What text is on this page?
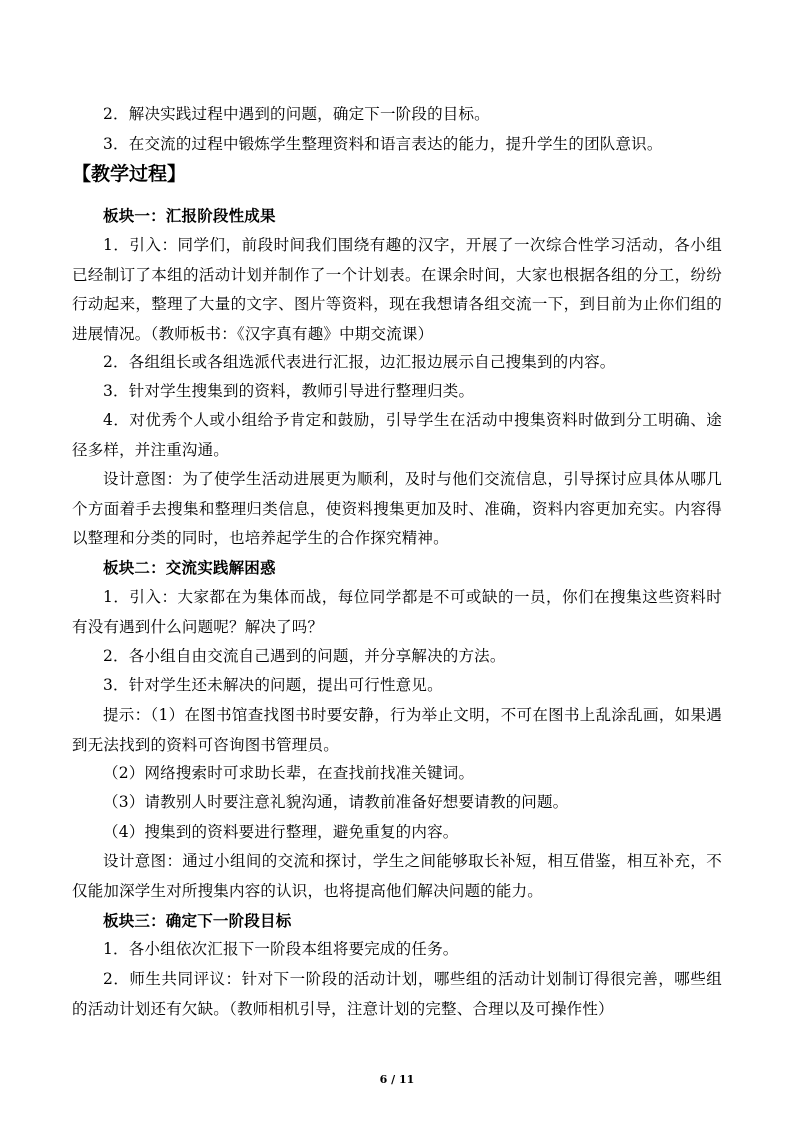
2．解决实践过程中遇到的问题，确定下一阶段的目标。

3．在交流的过程中锻炼学生整理资料和语言表达的能力，提升学生的团队意识。

【教学过程】

板块一：汇报阶段性成果

1．引入：同学们，前段时间我们围绕有趣的汉字，开展了一次综合性学习活动，各小组已经制订了本组的活动计划并制作了一个计划表。在课余时间，大家也根据各组的分工，纷纷行动起来，整理了大量的文字、图片等资料，现在我想请各组交流一下，到目前为止你们组的进展情况。（教师板书：《汉字真有趣》中期交流课）

2．各组组长或各组选派代表进行汇报，边汇报边展示自己搜集到的内容。

3．针对学生搜集到的资料，教师引导进行整理归类。

4．对优秀个人或小组给予肯定和鼓励，引导学生在活动中搜集资料时做到分工明确、途径多样，并注重沟通。

设计意图：为了使学生活动进展更为顺利，及时与他们交流信息，引导探讨应具体从哪几个方面着手去搜集和整理归类信息，使资料搜集更加及时、准确，资料内容更加充实。内容得以整理和分类的同时，也培养起学生的合作探究精神。

板块二：交流实践解困惑

1．引入：大家都在为集体而战，每位同学都是不可或缺的一员，你们在搜集这些资料时有没有遇到什么问题呢？解决了吗？

2．各小组自由交流自己遇到的问题，并分享解决的方法。

3．针对学生还未解决的问题，提出可行性意见。

提示：（1）在图书馆查找图书时要安静，行为举止文明，不可在图书上乱涂乱画，如果遇到无法找到的资料可咨询图书管理员。

（2）网络搜索时可求助长辈，在查找前找准关键词。

（3）请教别人时要注意礼貌沟通，请教前准备好想要请教的问题。

（4）搜集到的资料要进行整理，避免重复的内容。

设计意图：通过小组间的交流和探讨，学生之间能够取长补短，相互借鉴，相互补充，不仅能加深学生对所搜集内容的认识，也将提高他们解决问题的能力。

板块三：确定下一阶段目标

1．各小组依次汇报下一阶段本组将要完成的任务。

2．师生共同评议：针对下一阶段的活动计划，哪些组的活动计划制订得很完善，哪些组的活动计划还有欠缺。（教师相机引导，注意计划的完整、合理以及可操作性）

6 / 11
